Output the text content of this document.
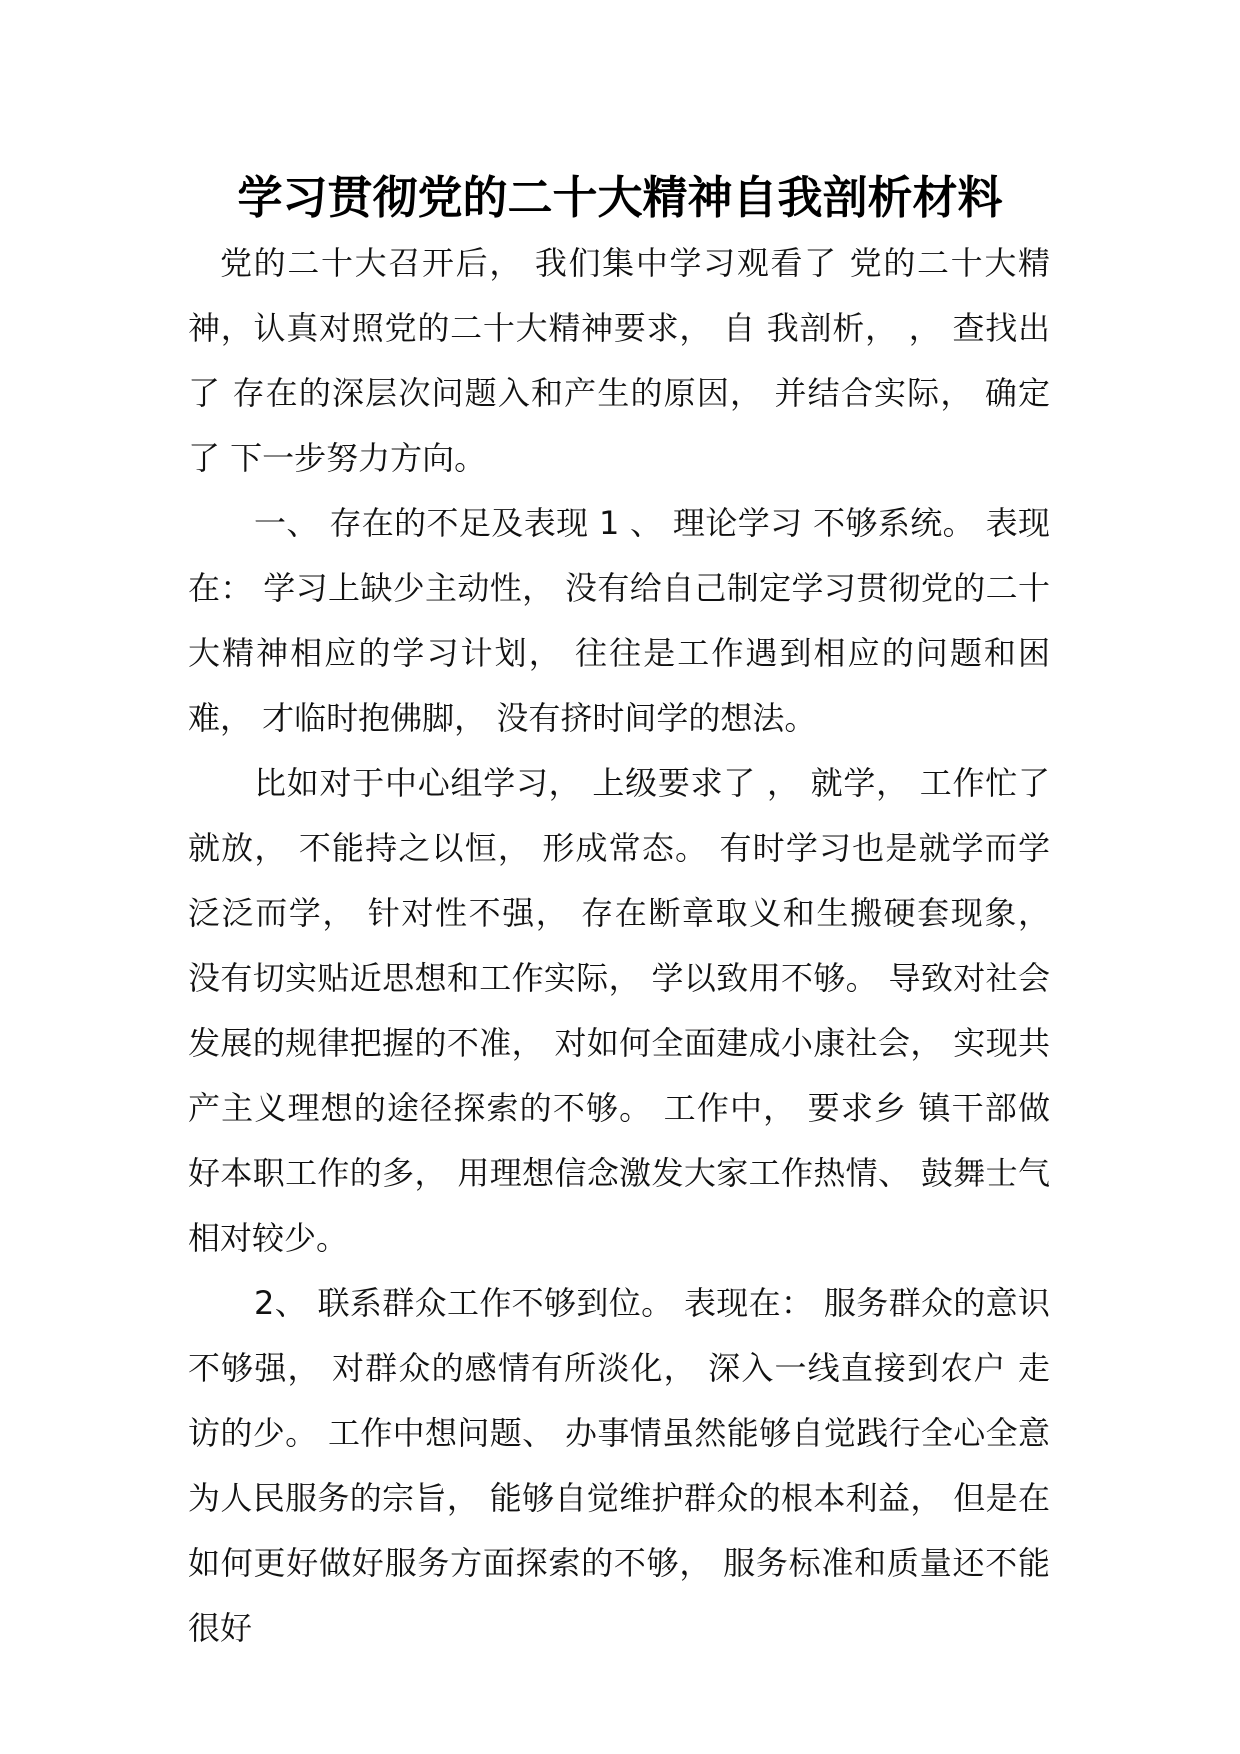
学习贯彻党的二十大精神自我剖析材料

党的二十大召开后， 我们集中学习观看了 党的二十大精神，认真对照党的二十大精神要求， 自 我剖析， ， 查找出了 存在的深层次问题入和产生的原因， 并结合实际， 确定了 下一步努力方向。

一、 存在的不足及表现 1 、 理论学习 不够系统。 表现在： 学习上缺少主动性， 没有给自己制定学习贯彻党的二十大精神相应的学习计划， 往往是工作遇到相应的问题和困难， 才临时抱佛脚， 没有挤时间学的想法。

比如对于中心组学习， 上级要求了 ， 就学， 工作忙了就放， 不能持之以恒， 形成常态。 有时学习也是就学而学泛泛而学， 针对性不强， 存在断章取义和生搬硬套现象， 没有切实贴近思想和工作实际， 学以致用不够。 导致对社会发展的规律把握的不准， 对如何全面建成小康社会， 实现共产主义理想的途径探索的不够。 工作中， 要求乡 镇干部做好本职工作的多， 用理想信念激发大家工作热情、 鼓舞士气相对较少。

2、 联系群众工作不够到位。 表现在： 服务群众的意识不够强， 对群众的感情有所淡化， 深入一线直接到农户 走访的少。 工作中想问题、 办事情虽然能够自觉践行全心全意为人民服务的宗旨， 能够自觉维护群众的根本利益， 但是在如何更好做好服务方面探索的不够， 服务标准和质量还不能很好
